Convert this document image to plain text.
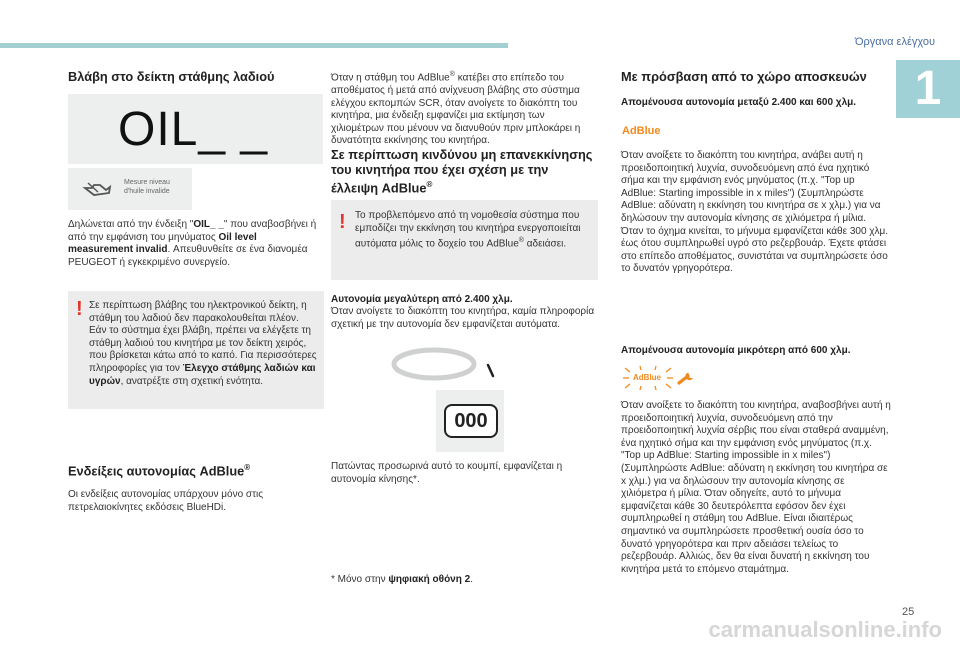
Όργανα ελέγχου
1
25
Βλάβη στο δείκτη στάθμης λαδιού
OIL_ _
Mesure niveau
d'huile invalide
Δηλώνεται από την ένδειξη "OIL_ _" που αναβοσβήνει ή από την εμφάνιση του μηνύματος Oil level measurement invalid. Απευθυνθείτε σε ένα διανομέα PEUGEOT ή εγκεκριμένο συνεργείο.
! Σε περίπτωση βλάβης του ηλεκτρονικού δείκτη, η στάθμη του λαδιού δεν παρακολουθείται πλέον. Εάν το σύστημα έχει βλάβη, πρέπει να ελέγξετε τη στάθμη λαδιού του κινητήρα με τον δείκτη χειρός, που βρίσκεται κάτω από το καπό. Για περισσότερες πληροφορίες για τον Έλεγχο στάθμης λαδιών και υγρών, ανατρέξτε στη σχετική ενότητα.
Ενδείξεις αυτονομίας AdBlue®
Οι ενδείξεις αυτονομίας υπάρχουν μόνο στις πετρελαιοκίνητες εκδόσεις BlueHDi.
Όταν η στάθμη του AdBlue® κατέβει στο επίπεδο του αποθέματος ή μετά από ανίχνευση βλάβης στο σύστημα ελέγχου εκπομπών SCR, όταν ανοίγετε το διακόπτη του κινητήρα, μια ένδειξη εμφανίζει μια εκτίμηση των χιλιομέτρων που μένουν να διανυθούν πριν μπλοκάρει η δυνατότητα εκκίνησης του κινητήρα.
Σε περίπτωση κινδύνου μη επανεκκίνησης του κινητήρα που έχει σχέση με την έλλειψη AdBlue®
! Το προβλεπόμενο από τη νομοθεσία σύστημα που εμποδίζει την εκκίνηση του κινητήρα ενεργοποιείται αυτόματα μόλις το δοχείο του AdBlue® αδειάσει.
Αυτονομία μεγαλύτερη από 2.400 χλμ.
Όταν ανοίγετε το διακόπτη του κινητήρα, καμία πληροφορία σχετική με την αυτονομία δεν εμφανίζεται αυτόματα.
000
Πατώντας προσωρινά αυτό το κουμπί, εμφανίζεται η αυτονομία κίνησης*.
* Μόνο στην ψηφιακή οθόνη 2.
Με πρόσβαση από το χώρο αποσκευών
Απομένουσα αυτονομία μεταξύ 2.400 και 600 χλμ.
AdBlue
Όταν ανοίξετε το διακόπτη του κινητήρα, ανάβει αυτή η προειδοποιητική λυχνία, συνοδευόμενη από ένα ηχητικό σήμα και την εμφάνιση ενός μηνύματος (π.χ. "Top up AdBlue: Starting impossible in x miles") (Συμπληρώστε AdBlue: αδύνατη η εκκίνηση του κινητήρα σε x χλμ.) για να δηλώσουν την αυτονομία κίνησης σε χιλιόμετρα ή μίλια. Όταν το όχημα κινείται, το μήνυμα εμφανίζεται κάθε 300 χλμ. έως ότου συμπληρωθεί υγρό στο ρεζερβουάρ. Έχετε φτάσει στο επίπεδο αποθέματος, συνιστάται να συμπληρώσετε όσο το δυνατόν γρηγορότερα.
Απομένουσα αυτονομία μικρότερη από 600 χλμ.
AdBlue
Όταν ανοίξετε το διακόπτη του κινητήρα, αναβοσβήνει αυτή η προειδοποιητική λυχνία, συνοδευόμενη από την προειδοποιητική λυχνία σέρβις που είναι σταθερά αναμμένη, ένα ηχητικό σήμα και την εμφάνιση ενός μηνύματος (π.χ. "Top up AdBlue: Starting impossible in x miles") (Συμπληρώστε AdBlue: αδύνατη η εκκίνηση του κινητήρα σε x χλμ.) για να δηλώσουν την αυτονομία κίνησης σε χιλιόμετρα ή μίλια. Όταν οδηγείτε, αυτό το μήνυμα εμφανίζεται κάθε 30 δευτερόλεπτα εφόσον δεν έχει συμπληρωθεί η στάθμη του AdBlue. Είναι ιδιαιτέρως σημαντικό να συμπληρώσετε προσθετική ουσία όσο το δυνατό γρηγορότερα και πριν αδειάσει τελείως το ρεζερβουάρ. Αλλιώς, δεν θα είναι δυνατή η εκκίνηση του κινητήρα μετά το επόμενο σταμάτημα.
carmanualsonline.info
